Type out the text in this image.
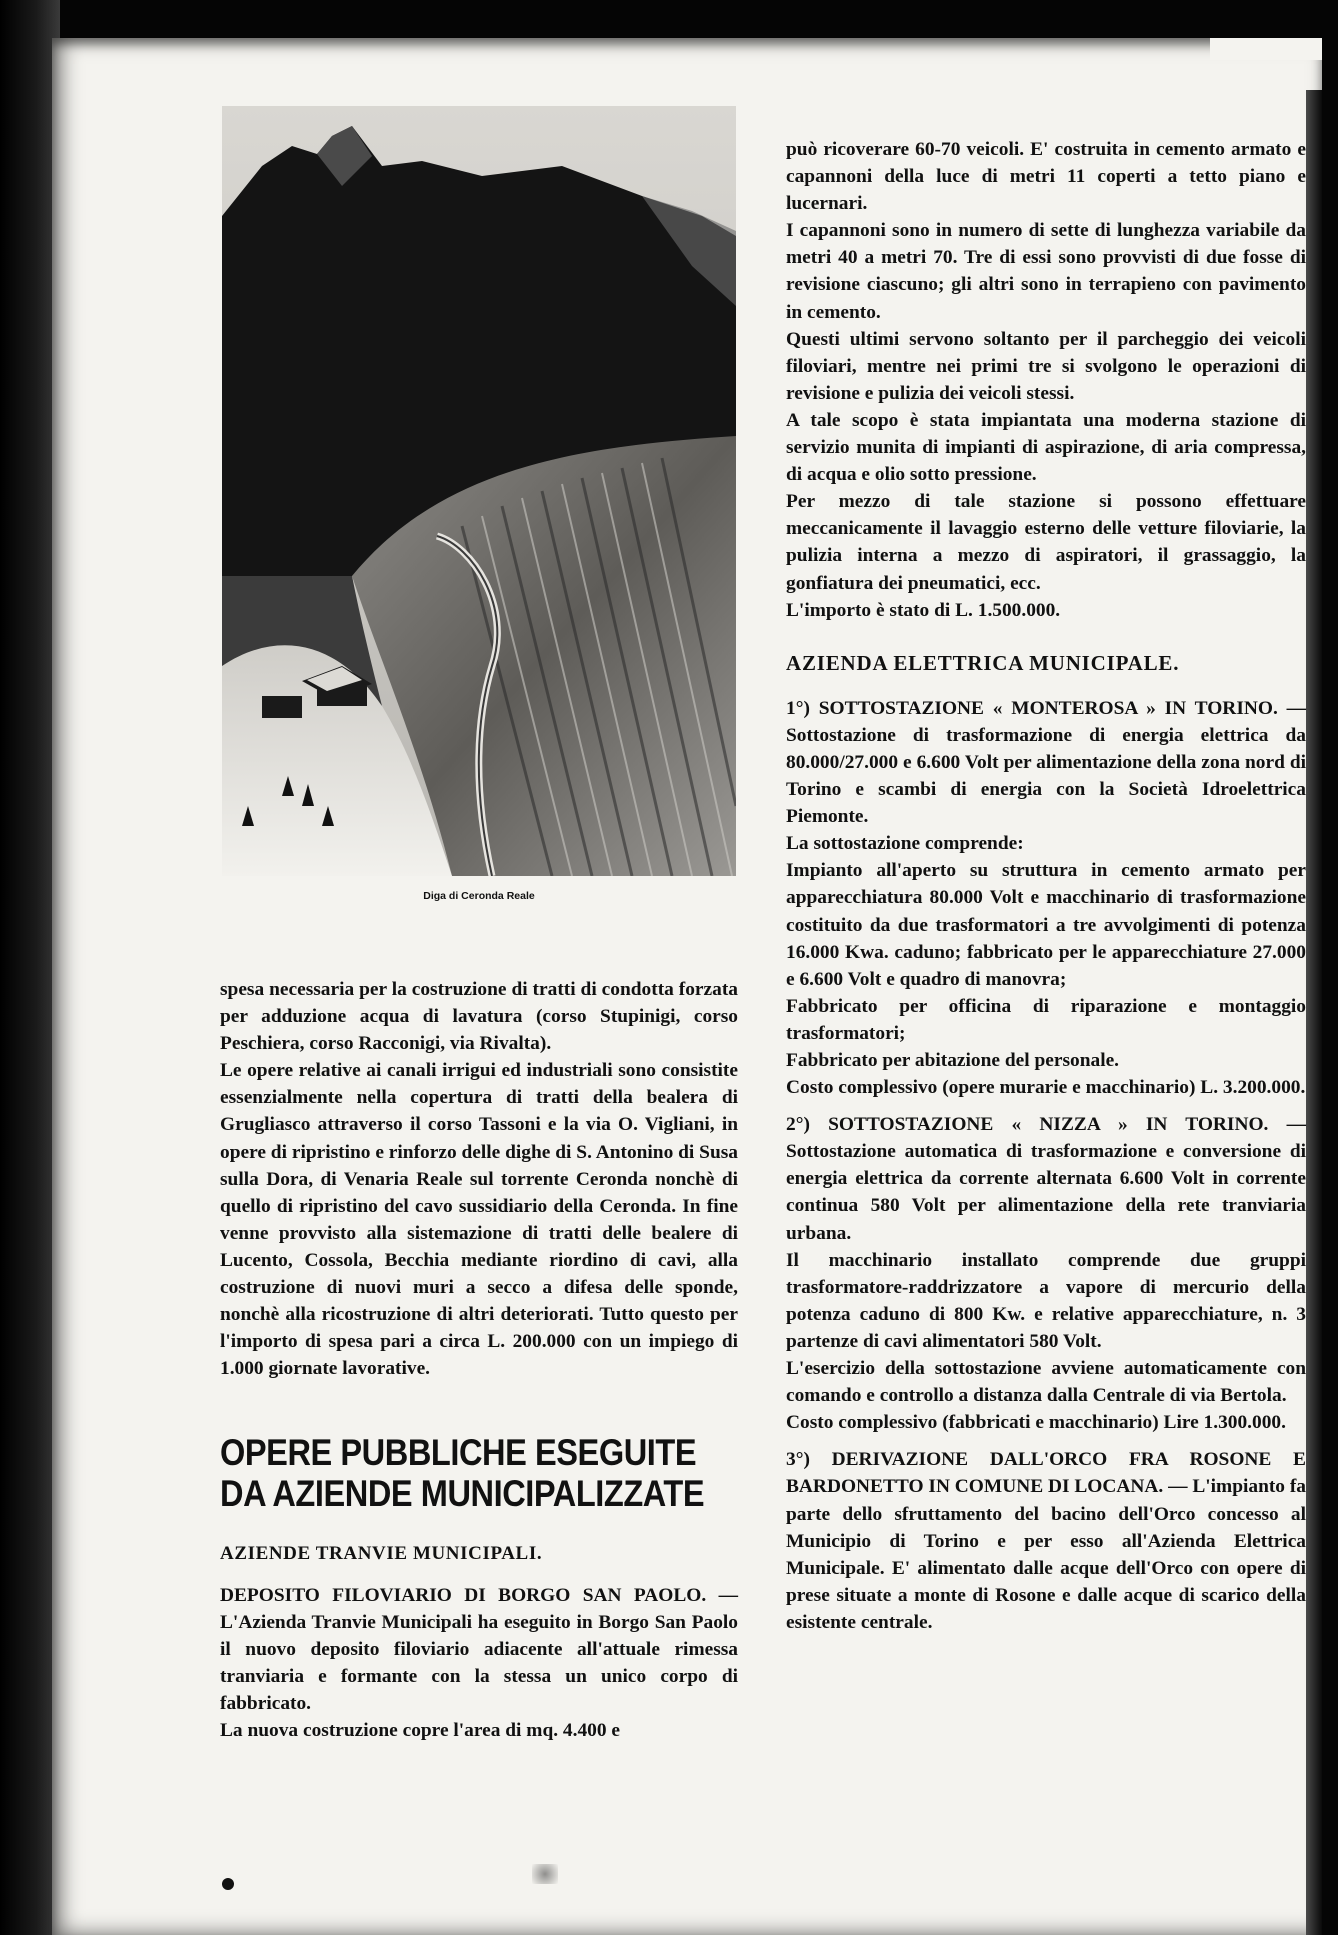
Diga di Ceronda Reale

spesa necessaria per la costruzione di tratti di condotta forzata per adduzione acqua di lavatura (corso Stupinigi, corso Peschiera, corso Racconigi, via Rivalta).

Le opere relative ai canali irrigui ed industriali sono consistite essenzialmente nella copertura di tratti della bealera di Grugliasco attraverso il corso Tassoni e la via O. Vigliani, in opere di ripristino e rinforzo delle dighe di S. Antonino di Susa sulla Dora, di Venaria Reale sul torrente Ceronda nonchè di quello di ripristino del cavo sussidiario della Ceronda. In fine venne provvisto alla sistemazione di tratti delle bealere di Lucento, Cossola, Becchia mediante riordino di cavi, alla costruzione di nuovi muri a secco a difesa delle sponde, nonchè alla ricostruzione di altri deteriorati. Tutto questo per l'importo di spesa pari a circa L. 200.000 con un impiego di 1.000 giornate lavorative.

OPERE PUBBLICHE ESEGUITE DA AZIENDE MUNICIPALIZZATE

AZIENDE TRANVIE MUNICIPALI.

DEPOSITO FILOVIARIO DI BORGO SAN PAOLO. — L'Azienda Tranvie Municipali ha eseguito in Borgo San Paolo il nuovo deposito filoviario adiacente all'attuale rimessa tranviaria e formante con la stessa un unico corpo di fabbricato.

La nuova costruzione copre l'area di mq. 4.400 e

può ricoverare 60-70 veicoli. E' costruita in cemento armato e capannoni della luce di metri 11 coperti a tetto piano e lucernari.

I capannoni sono in numero di sette di lunghezza variabile da metri 40 a metri 70. Tre di essi sono provvisti di due fosse di revisione ciascuno; gli altri sono in terrapieno con pavimento in cemento.

Questi ultimi servono soltanto per il parcheggio dei veicoli filoviari, mentre nei primi tre si svolgono le operazioni di revisione e pulizia dei veicoli stessi.

A tale scopo è stata impiantata una moderna stazione di servizio munita di impianti di aspirazione, di aria compressa, di acqua e olio sotto pressione.

Per mezzo di tale stazione si possono effettuare meccanicamente il lavaggio esterno delle vetture filoviarie, la pulizia interna a mezzo di aspiratori, il grassaggio, la gonfiatura dei pneumatici, ecc.

L'importo è stato di L. 1.500.000.

AZIENDA ELETTRICA MUNICIPALE.

1°) SOTTOSTAZIONE « MONTEROSA » IN TORINO. — Sottostazione di trasformazione di energia elettrica da 80.000/27.000 e 6.600 Volt per alimentazione della zona nord di Torino e scambi di energia con la Società Idroelettrica Piemonte.

La sottostazione comprende:

Impianto all'aperto su struttura in cemento armato per apparecchiatura 80.000 Volt e macchinario di trasformazione costituito da due trasformatori a tre avvolgimenti di potenza 16.000 Kwa. caduno; fabbricato per le apparecchiature 27.000 e 6.600 Volt e quadro di manovra;

Fabbricato per officina di riparazione e montaggio trasformatori;

Fabbricato per abitazione del personale.

Costo complessivo (opere murarie e macchinario) L. 3.200.000.

2°) SOTTOSTAZIONE « NIZZA » IN TORINO. — Sottostazione automatica di trasformazione e conversione di energia elettrica da corrente alternata 6.600 Volt in corrente continua 580 Volt per alimentazione della rete tranviaria urbana.

Il macchinario installato comprende due gruppi trasformatore-raddrizzatore a vapore di mercurio della potenza caduno di 800 Kw. e relative apparecchiature, n. 3 partenze di cavi alimentatori 580 Volt.

L'esercizio della sottostazione avviene automaticamente con comando e controllo a distanza dalla Centrale di via Bertola.

Costo complessivo (fabbricati e macchinario) Lire 1.300.000.

3°) DERIVAZIONE DALL'ORCO FRA ROSONE E BARDONETTO IN COMUNE DI LOCANA. — L'impianto fa parte dello sfruttamento del bacino dell'Orco concesso al Municipio di Torino e per esso all'Azienda Elettrica Municipale. E' alimentato dalle acque dell'Orco con opere di prese situate a monte di Rosone e dalle acque di scarico della esistente centrale.
